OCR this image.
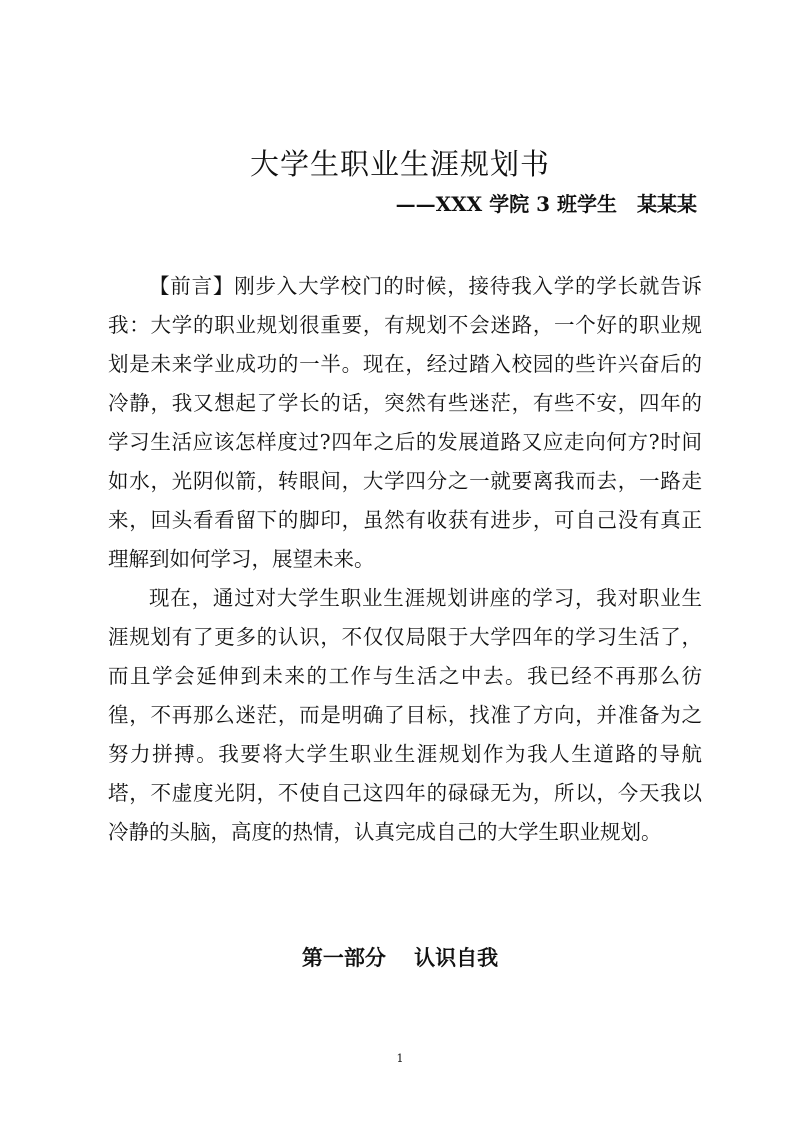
大学生职业生涯规划书
——XXX 学院 3 班学生　某某某

【前言】刚步入大学校门的时候，接待我入学的学长就告诉我：大学的职业规划很重要，有规划不会迷路，一个好的职业规划是未来学业成功的一半。现在，经过踏入校园的些许兴奋后的冷静，我又想起了学长的话，突然有些迷茫，有些不安，四年的学习生活应该怎样度过?四年之后的发展道路又应走向何方?时间如水，光阴似箭，转眼间，大学四分之一就要离我而去，一路走来，回头看看留下的脚印，虽然有收获有进步，可自己没有真正理解到如何学习，展望未来。

现在，通过对大学生职业生涯规划讲座的学习，我对职业生涯规划有了更多的认识，不仅仅局限于大学四年的学习生活了，而且学会延伸到未来的工作与生活之中去。我已经不再那么彷徨，不再那么迷茫，而是明确了目标，找准了方向，并准备为之努力拼搏。我要将大学生职业生涯规划作为我人生道路的导航塔，不虚度光阴，不使自己这四年的碌碌无为，所以，今天我以冷静的头脑，高度的热情，认真完成自己的大学生职业规划。

第一部分　 认识自我
1
